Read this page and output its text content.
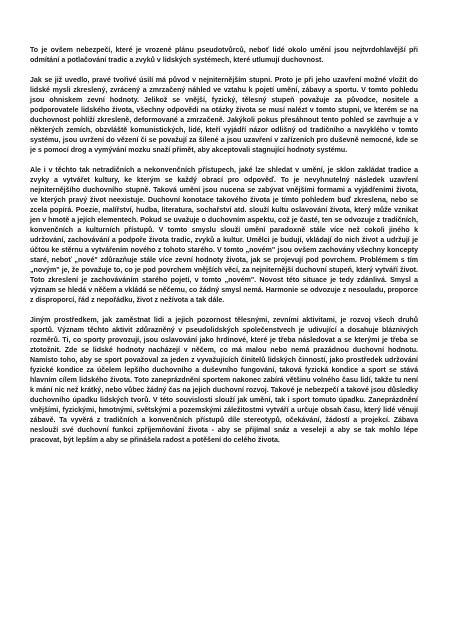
To je ovšem nebezpečí, které je vrozené plánu pseudotvůrců, neboť lidé okolo umění jsou nejtvrdohlavější při odmítání a potlačování tradic a zvyků v lidských systémech, které utlumují duchovnost.

Jak se již uvedlo, pravé tvořivé úsilí má původ v nejniternějším stupni. Proto je při jeho uzavření možné vložit do lidské mysli zkreslený, zvrácený a zmrzačený náhled ve vztahu k pojetí umění, zábavy a sportu. V tomto pohledu jsou ohniskem zevní hodnoty. Jelikož se vnější, fyzický, tělesný stupeň považuje za původce, nositele a podporovatele lidského života, všechny odpovědi na otázky života se musí nalézt v tomto stupni, ve kterém se na duchovnost pohlíží zkresleně, deformované a zmrzačeně. Jakýkoli pokus přesáhnout tento pohled se zavrhuje a v některých zemích, obzvláště komunistických, lidé, kteří vyjádří názor odlišný od tradičního a navyklého v tomto systému, jsou uvržení do vězení či se považují za šílené a jsou uzavření v zařízeních pro duševně nemocné, kde se je s pomocí drog a vymývání mozku snaží přimět, aby akceptovali stagnující hodnoty systému.

Ale i v těchto tak netradičních a nekonvenčních přístupech, jaké lze shledat v umění, je sklon zakládat tradice a zvyky a vytvářet kultury, ke kterým se každý obrací pro odpověď. To je nevyhnutelný následek uzavření nejniternějšího duchovního stupně. Taková umění jsou nucena se zabývat vnějšími formami a vyjádřeními života, ve kterých pravý život neexistuje. Duchovní konotace takového života je tímto pohledem buď zkreslena, nebo se zcela popírá. Poezie, malířství, hudba, literatura, sochařství atd. slouží kultu oslavování života, který může vznikat jen v hmotě a jejích elementech. Pokud se uvažuje o duchovním aspektu, což je časté, ten se odvozuje z tradičních, konvenčních a kulturních přístupů. V tomto smyslu slouží umění paradoxně stále více než cokoli jiného k udržování, zachovávání a podpoře života tradic, zvyků a kultur. Umělci je budují, vkládají do nich život a udržují je účtou ke stěrnu a vytvářením nového z tohoto starého. V tomto „novém" jsou ovšem zachovány všechny koncepty staré, neboť „nové" zdůrazňuje stále více zevní hodnoty života, jak se projevují pod povrchem. Problémem s tím „novým" je, že považuje to, co je pod povrchem vnějších věcí, za nejniternější duchovní stupeň, který vytváří život. Toto zkreslení je zachováváním starého pojetí, v tomto „novém". Novost této situace je tedy zdánlivá. Smysl a význam se hledá v něčem a vkládá se něčemu, co žádný smysl nemá. Harmonie se odvozuje z nesouladu, proporce z disproporcí, řád z nepořádku, život z nežívota a tak dále.

Jiným prostředkem, jak zaměstnat lidi a jejich pozornost tělesnými, zevními aktivitami, je rozvoj všech druhů sportů. Význam těchto aktivit zdůrazněný v pseudolidských společenstvech je udivující a dosahuje bláznivých rozměrů. Ti, co sporty provozují, jsou oslavování jako hrdinové, které je třeba následovat a se kterými je třeba se ztotožnit. Zde se lidské hodnoty nacházejí v něčem, co má malou nebo nemá prazádnou duchovní hodnotu. Namísto toho, aby se sport považoval za jeden z vyvažujících činitelů lidských činností, jako prostředek udržování fyzické kondice za účelem lepšího duchovního a duševního fungování, taková fyzická kondice a sport se stává hlavním cílem lidského života. Toto zaneprázdnění sportem nakonec zabírá většinu volného času lidí, takže tu není k mání nic než krátký, nebo vůbec žádný čas na jejich duchovní rozvoj. Takové je nebezpečí a takové jsou důsledky duchovního úpadku lidských tvorů. V této souvislosti slouží jak umění, tak i sport tomuto úpadku. Zaneprázdnění vnějšími, fyzickými, hmotnými, světskými a pozemskými záležitostmi vytváří a určuje obsah času, který lidé věnují zábavě. Ta vyvěrá z tradičních a konvenčních přístupů díle stereotypů, očekávání, žádostí a projekcí. Zábava neslouží své duchovní funkci zpříjemňování života - aby se přijímal snáz a veseleji a aby se tak mohlo lépe pracovat, být lepším a aby se přinášela radost a potěšení do celého života.
